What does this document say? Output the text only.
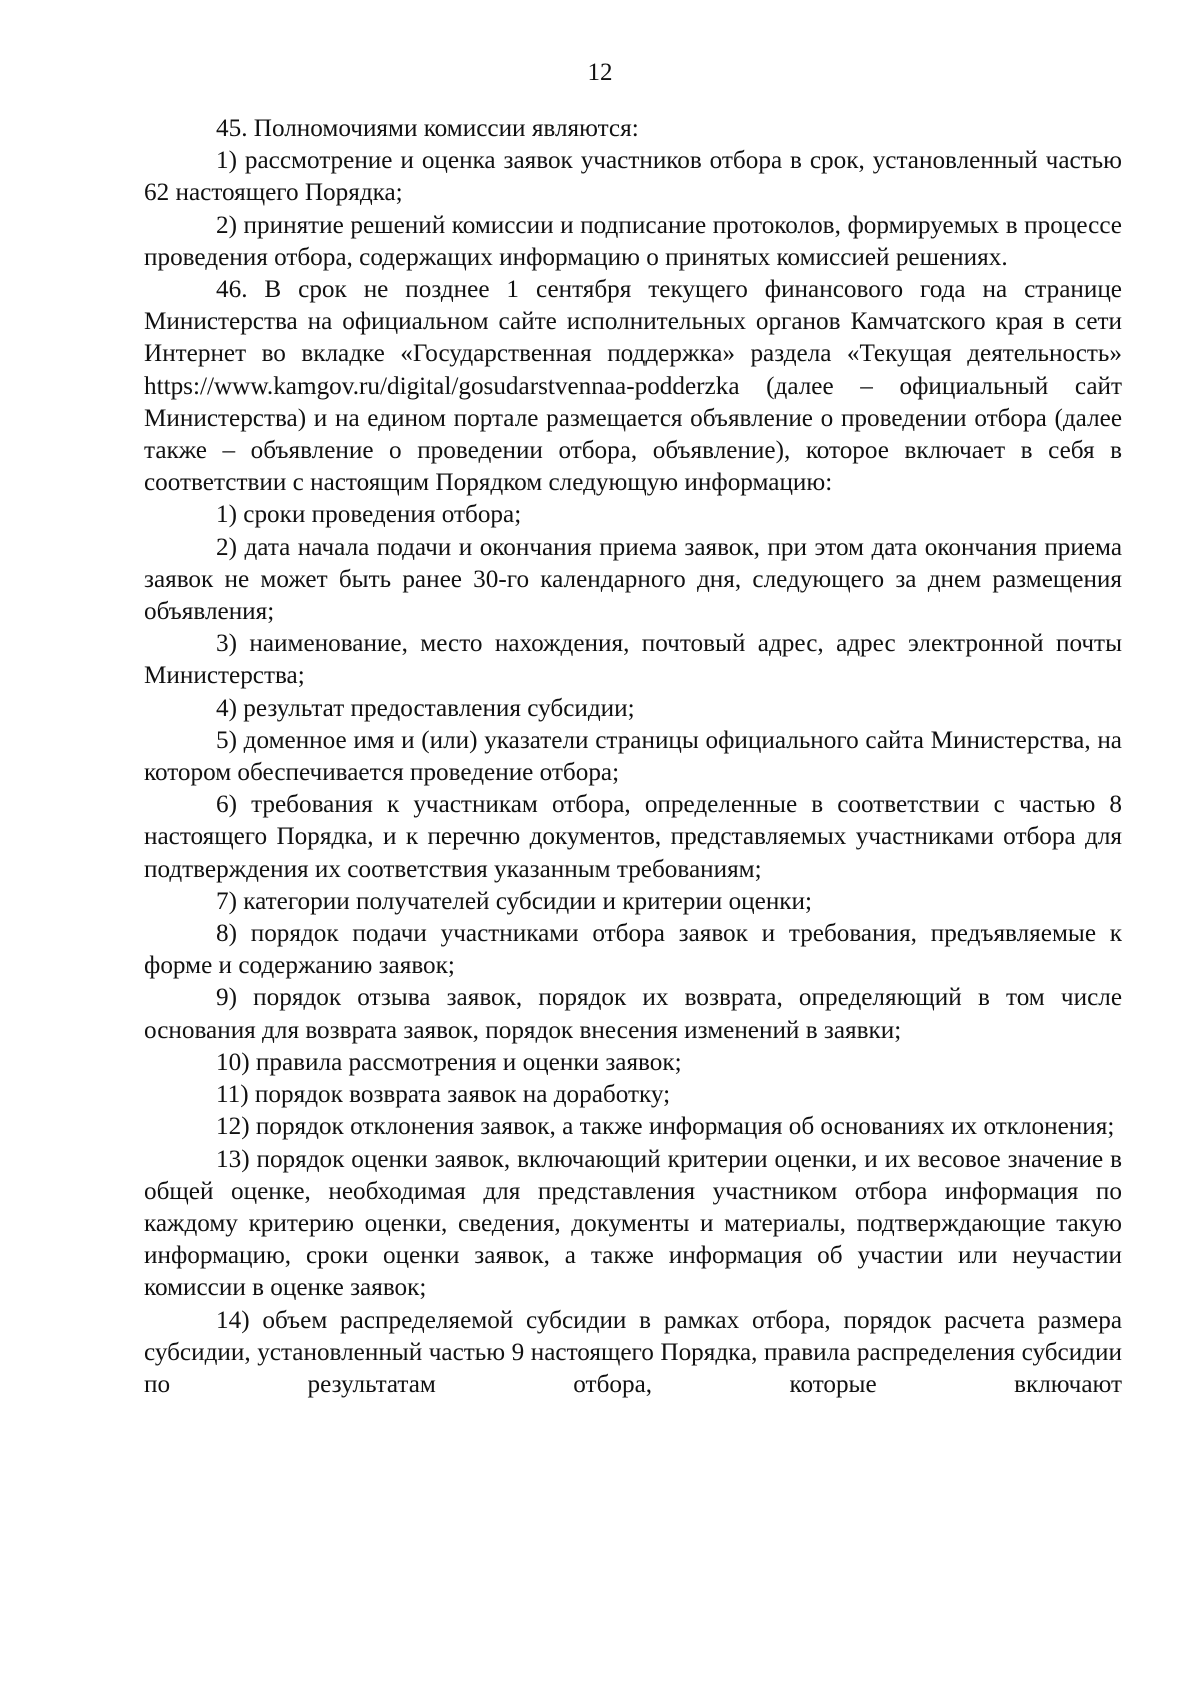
12

45. Полномочиями комиссии являются:

1) рассмотрение и оценка заявок участников отбора в срок, установленный частью 62 настоящего Порядка;

2) принятие решений комиссии и подписание протоколов, формируемых в процессе проведения отбора, содержащих информацию о принятых комиссией решениях.

46. В срок не позднее 1 сентября текущего финансового года на странице Министерства на официальном сайте исполнительных органов Камчатского края в сети Интернет во вкладке «Государственная поддержка» раздела «Текущая деятельность» https://www.kamgov.ru/digital/gosudarstvennaa-podderzka (далее – официальный сайт Министерства) и на едином портале размещается объявление о проведении отбора (далее также – объявление о проведении отбора, объявление), которое включает в себя в соответствии с настоящим Порядком следующую информацию:

1) сроки проведения отбора;

2) дата начала подачи и окончания приема заявок, при этом дата окончания приема заявок не может быть ранее 30-го календарного дня, следующего за днем размещения объявления;

3) наименование, место нахождения, почтовый адрес, адрес электронной почты Министерства;

4) результат предоставления субсидии;

5) доменное имя и (или) указатели страницы официального сайта Министерства, на котором обеспечивается проведение отбора;

6) требования к участникам отбора, определенные в соответствии с частью 8 настоящего Порядка, и к перечню документов, представляемых участниками отбора для подтверждения их соответствия указанным требованиям;

7) категории получателей субсидии и критерии оценки;

8) порядок подачи участниками отбора заявок и требования, предъявляемые к форме и содержанию заявок;

9) порядок отзыва заявок, порядок их возврата, определяющий в том числе основания для возврата заявок, порядок внесения изменений в заявки;

10) правила рассмотрения и оценки заявок;

11) порядок возврата заявок на доработку;

12) порядок отклонения заявок, а также информация об основаниях их отклонения;

13) порядок оценки заявок, включающий критерии оценки, и их весовое значение в общей оценке, необходимая для представления участником отбора информация по каждому критерию оценки, сведения, документы и материалы, подтверждающие такую информацию, сроки оценки заявок, а также информация об участии или неучастии комиссии в оценке заявок;

14) объем распределяемой субсидии в рамках отбора, порядок расчета размера субсидии, установленный частью 9 настоящего Порядка, правила распределения субсидии по результатам отбора, которые включают
